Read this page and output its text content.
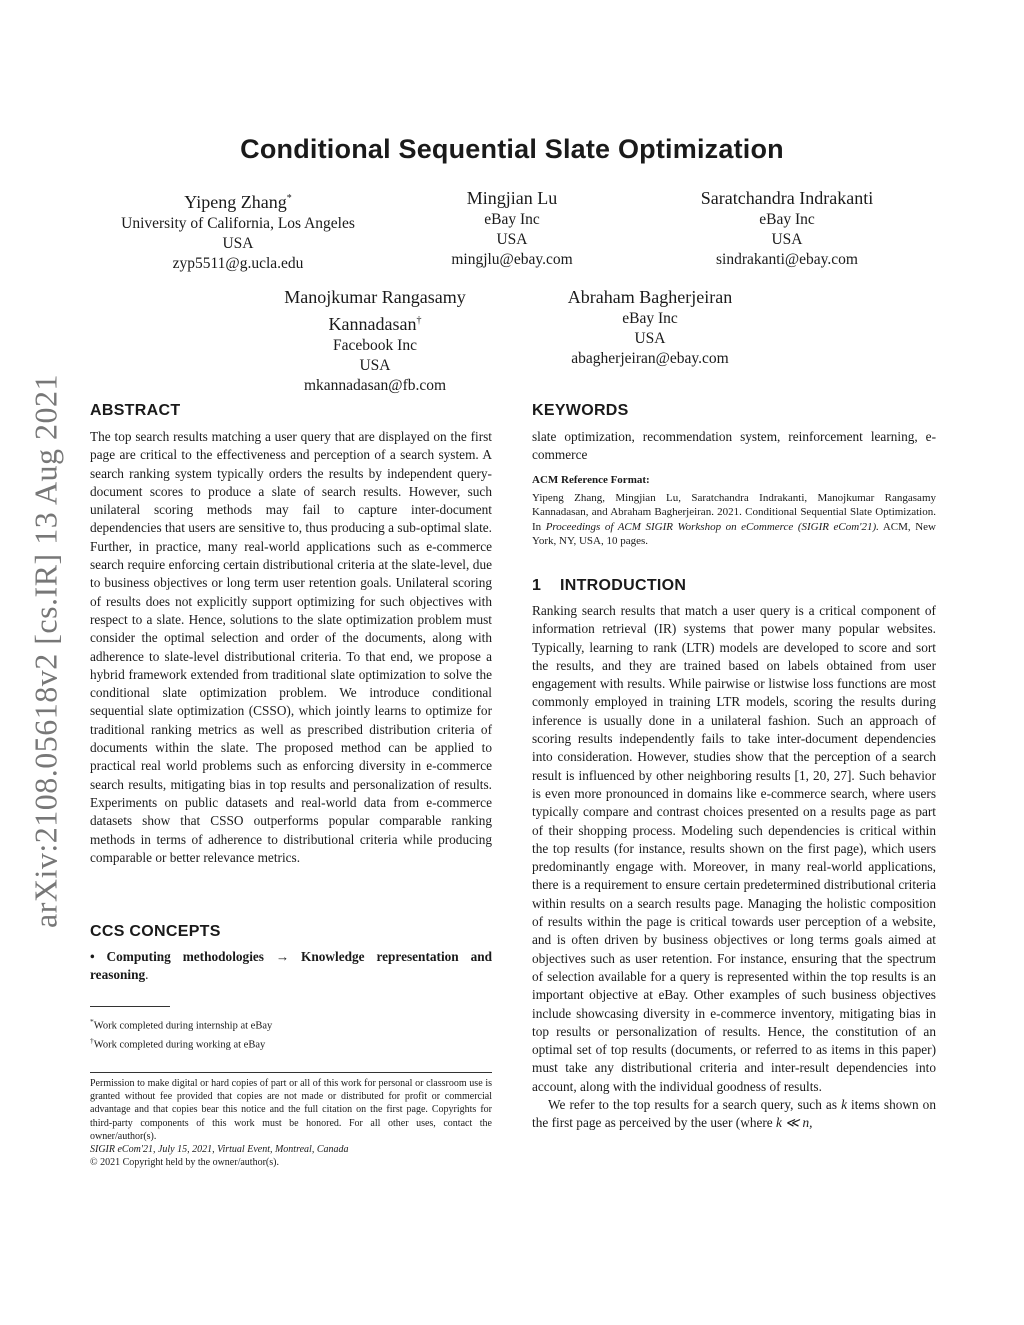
arXiv:2108.05618v2 [cs.IR] 13 Aug 2021
Conditional Sequential Slate Optimization
Yipeng Zhang*
University of California, Los Angeles
USA
zyp5511@g.ucla.edu
Mingjian Lu
eBay Inc
USA
mingjlu@ebay.com
Saratchandra Indrakanti
eBay Inc
USA
sindrakanti@ebay.com
Manojkumar Rangasamy
Kannadasan†
Facebook Inc
USA
mkannadasan@fb.com
Abraham Bagherjeiran
eBay Inc
USA
abagherjeiran@ebay.com
ABSTRACT

The top search results matching a user query that are displayed on the first page are critical to the effectiveness and perception of a search system. A search ranking system typically orders the results by independent query-document scores to produce a slate of search results. However, such unilateral scoring methods may fail to capture inter-document dependencies that users are sensitive to, thus producing a sub-optimal slate. Further, in practice, many real-world applications such as e-commerce search require enforcing certain distributional criteria at the slate-level, due to business objectives or long term user retention goals. Unilateral scoring of results does not explicitly support optimizing for such objectives with respect to a slate. Hence, solutions to the slate optimization problem must consider the optimal selection and order of the documents, along with adherence to slate-level distributional criteria. To that end, we propose a hybrid framework extended from traditional slate optimization to solve the conditional slate optimization problem. We introduce conditional sequential slate optimization (CSSO), which jointly learns to optimize for traditional ranking metrics as well as prescribed distribution criteria of documents within the slate. The proposed method can be applied to practical real world problems such as enforcing diversity in e-commerce search results, mitigating bias in top results and personalization of results. Experiments on public datasets and real-world data from e-commerce datasets show that CSSO outperforms popular comparable ranking methods in terms of adherence to distributional criteria while producing comparable or better relevance metrics.

CCS CONCEPTS
• Computing methodologies → Knowledge representation and reasoning.
*Work completed during internship at eBay
†Work completed during working at eBay
Permission to make digital or hard copies of part or all of this work for personal or classroom use is granted without fee provided that copies are not made or distributed for profit or commercial advantage and that copies bear this notice and the full citation on the first page. Copyrights for third-party components of this work must be honored. For all other uses, contact the owner/author(s).
SIGIR eCom'21, July 15, 2021, Virtual Event, Montreal, Canada
© 2021 Copyright held by the owner/author(s).
KEYWORDS

slate optimization, recommendation system, reinforcement learning, e-commerce

ACM Reference Format:
Yipeng Zhang, Mingjian Lu, Saratchandra Indrakanti, Manojkumar Rangasamy Kannadasan, and Abraham Bagherjeiran. 2021. Conditional Sequential Slate Optimization. In Proceedings of ACM SIGIR Workshop on eCommerce (SIGIR eCom'21). ACM, New York, NY, USA, 10 pages.
1 INTRODUCTION

Ranking search results that match a user query is a critical component of information retrieval (IR) systems that power many popular websites. Typically, learning to rank (LTR) models are developed to score and sort the results, and they are trained based on labels obtained from user engagement with results. While pairwise or listwise loss functions are most commonly employed in training LTR models, scoring the results during inference is usually done in a unilateral fashion. Such an approach of scoring results independently fails to take inter-document dependencies into consideration. However, studies show that the perception of a search result is influenced by other neighboring results [1, 20, 27]. Such behavior is even more pronounced in domains like e-commerce search, where users typically compare and contrast choices presented on a results page as part of their shopping process. Modeling such dependencies is critical within the top results (for instance, results shown on the first page), which users predominantly engage with. Moreover, in many real-world applications, there is a requirement to ensure certain predetermined distributional criteria within results on a search results page. Managing the holistic composition of results within the page is critical towards user perception of a website, and is often driven by business objectives or long terms goals aimed at objectives such as user retention. For instance, ensuring that the spectrum of selection available for a query is represented within the top results is an important objective at eBay. Other examples of such business objectives include showcasing diversity in e-commerce inventory, mitigating bias in top results or personalization of results. Hence, the constitution of an optimal set of top results (documents, or referred to as items in this paper) must take any distributional criteria and inter-result dependencies into account, along with the individual goodness of results.

We refer to the top results for a search query, such as k items shown on the first page as perceived by the user (where k ≪ n,
